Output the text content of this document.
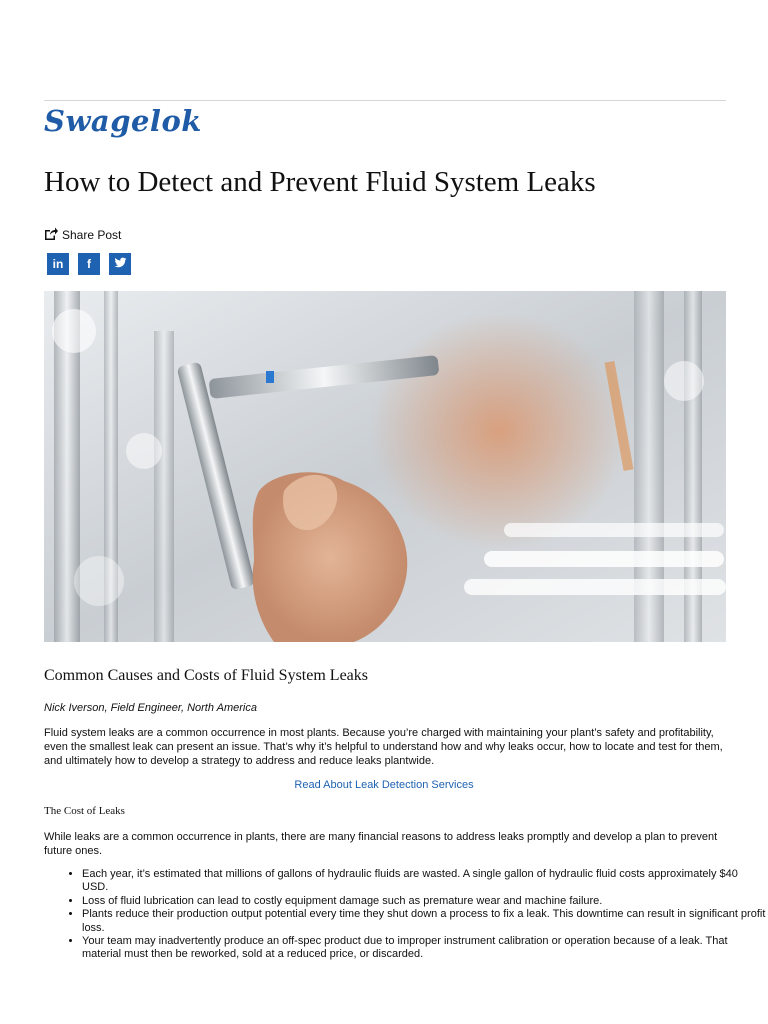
Swagelok
How to Detect and Prevent Fluid System Leaks
Share Post
in f
Common Causes and Costs of Fluid System Leaks
Nick Iverson, Field Engineer, North America

Fluid system leaks are a common occurrence in most plants. Because you’re charged with maintaining your plant’s safety and profitability, even the smallest leak can present an issue. That’s why it’s helpful to understand how and why leaks occur, how to locate and test for them, and ultimately how to develop a strategy to address and reduce leaks plantwide.

Read About Leak Detection Services
The Cost of Leaks

While leaks are a common occurrence in plants, there are many financial reasons to address leaks promptly and develop a plan to prevent future ones.

• Each year, it’s estimated that millions of gallons of hydraulic fluids are wasted. A single gallon of hydraulic fluid costs approximately $40 USD.
• Loss of fluid lubrication can lead to costly equipment damage such as premature wear and machine failure.
• Plants reduce their production output potential every time they shut down a process to fix a leak. This downtime can result in significant profit loss.
• Your team may inadvertently produce an off-spec product due to improper instrument calibration or operation because of a leak. That material must then be reworked, sold at a reduced price, or discarded.
